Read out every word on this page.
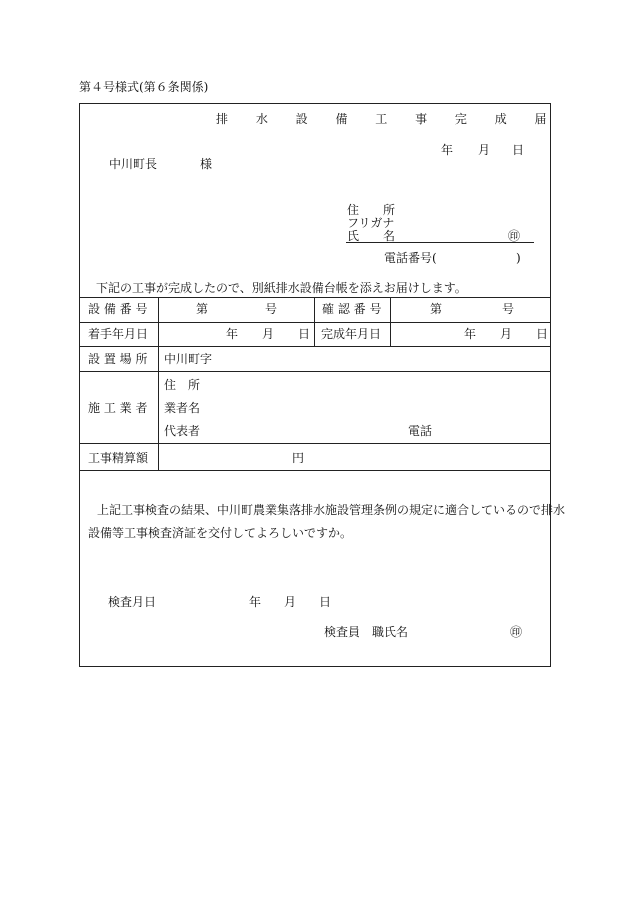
第４号様式(第６条関係)
排 水 設 備 工 事 完 成 届
年 月 日
中川町長	様
住　　所
フリガナ
氏　　名	㊞
電話番号(	)
下記の工事が完成したので、別紙排水設備台帳を添えお届けします。
設 備 番 号	第	号	確 認 番 号	第	号
着手年月日	年 月 日 完成年月日	年 月 日
設 置 場 所 中川町字
施 工 業 者
住　所
業者名
代表者	電話
工事精算額	円
上記工事検査の結果、中川町農業集落排水施設管理条例の規定に適合しているので排水
設備等工事検査済証を交付してよろしいですか。
検査月日	年 月 日
検査員　職氏名	㊞
